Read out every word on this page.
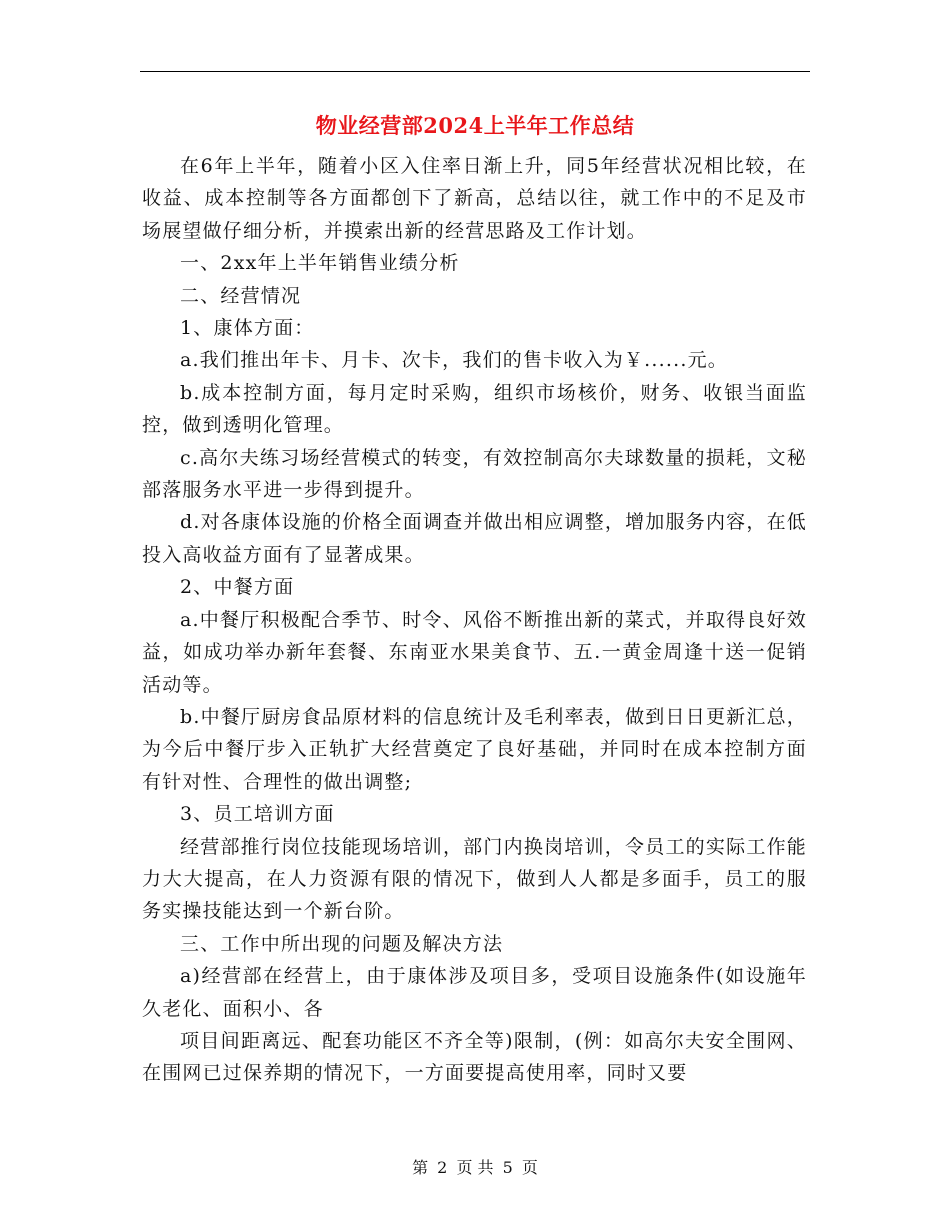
物业经营部2024上半年工作总结

在6年上半年，随着小区入住率日渐上升，同5年经营状况相比较，在收益、成本控制等各方面都创下了新高，总结以往，就工作中的不足及市场展望做仔细分析，并摸索出新的经营思路及工作计划。

一、2xx年上半年销售业绩分析

二、经营情况

1、康体方面：

a.我们推出年卡、月卡、次卡，我们的售卡收入为￥......元。

b.成本控制方面，每月定时采购，组织市场核价，财务、收银当面监控，做到透明化管理。

c.高尔夫练习场经营模式的转变，有效控制高尔夫球数量的损耗，文秘部落服务水平进一步得到提升。

d.对各康体设施的价格全面调查并做出相应调整，增加服务内容，在低投入高收益方面有了显著成果。

2、中餐方面

a.中餐厅积极配合季节、时令、风俗不断推出新的菜式，并取得良好效益，如成功举办新年套餐、东南亚水果美食节、五.一黄金周逢十送一促销活动等。

b.中餐厅厨房食品原材料的信息统计及毛利率表，做到日日更新汇总，为今后中餐厅步入正轨扩大经营奠定了良好基础，并同时在成本控制方面有针对性、合理性的做出调整;

3、员工培训方面

经营部推行岗位技能现场培训，部门内换岗培训，令员工的实际工作能力大大提高，在人力资源有限的情况下，做到人人都是多面手，员工的服务实操技能达到一个新台阶。

三、工作中所出现的问题及解决方法

a)经营部在经营上，由于康体涉及项目多，受项目设施条件(如设施年久老化、面积小、各

项目间距离远、配套功能区不齐全等)限制，(例：如高尔夫安全围网、在围网已过保养期的情况下，一方面要提高使用率，同时又要

第 2 页 共 5 页
